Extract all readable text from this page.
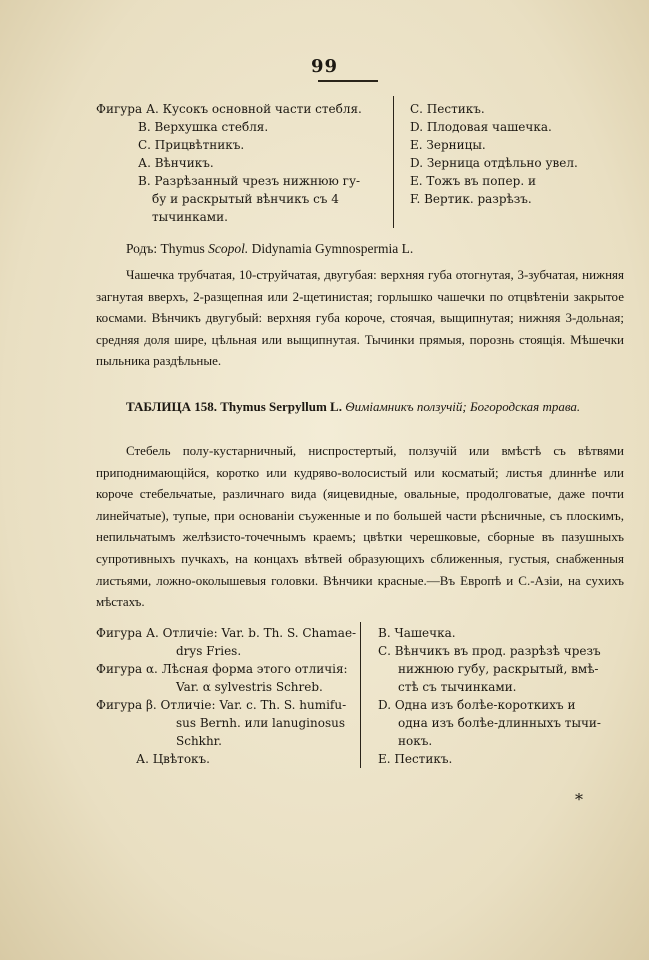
99
Фигура А. Кусокъ основной части стебля.
В. Верхушка стебля.
С. Прицвѣтникъ.
А. Вѣнчикъ.
В. Разрѣзанный чрезъ нижнюю гу-
бу и раскрытый вѣнчикъ съ 4
тычинками.
С. Пестикъ.
D. Плодовая чашечка.
Е. Зерницы.
D. Зерница отдѣльно увел.
Е. Тожъ въ попер. и
F. Вертик. разрѣзъ.

Родъ: Thymus Scopol. Didynamia Gymnospermia L.

Чашечка трубчатая, 10-струйчатая, двугубая: верхняя губа отогнутая, 3-зубчатая, нижняя загнутая вверхъ, 2-разщепная или 2-щетинистая; горлышко чашечки по отцвѣтеніи закрытое космами. Вѣнчикъ двугубый: верхняя губа короче, стоячая, выщипнутая; нижняя 3-дольная; средняя доля шире, цѣльная или выщипнутая. Тычинки прямыя, порознь стоящія. Мѣшечки пыльника раздѣльные.

ТАБЛИЦА 158. Thymus Serpyllum L. Ѳиміамникъ ползучій; Богородская трава.

Стебель полу-кустарничный, ниспростертый, ползучій или вмѣстѣ съ вѣтвями приподнимающійся, коротко или кудряво-волосистый или косматый; листья длиннѣе или короче стебельчатые, различнаго вида (яицевидные, овальные, продолговатые, даже почти линейчатые), тупые, при основаніи съуженные и по большей части рѣсничные, съ плоскимъ, непильчатымъ желѣзисто-точечнымъ краемъ; цвѣтки черешковые, сборные въ пазушныхъ супротивныхъ пучкахъ, на концахъ вѣтвей образующихъ сближенныя, густыя, снабженныя листьями, ложно-околышевыя головки. Вѣнчики красные.—Въ Европѣ и С.-Азіи, на сухихъ мѣстахъ.

Фигура А. Отличіе: Var. b. Th. S. Chamae-
drys Fries.
Фигура α. Лѣсная форма этого отличія:
Var. α sylvestris Schreb.
Фигура β. Отличіе: Var. c. Th. S. humifu-
sus Bernh. или lanuginosus
Schkhr.
А. Цвѣтокъ.
В. Чашечка.
С. Вѣнчикъ въ прод. разрѣзѣ чрезъ
нижнюю губу, раскрытый, вмѣ-
стѣ съ тычинками.
D. Одна изъ болѣе-короткихъ и
одна изъ болѣе-длинныхъ тычи-
нокъ.
Е. Пестикъ.
*
